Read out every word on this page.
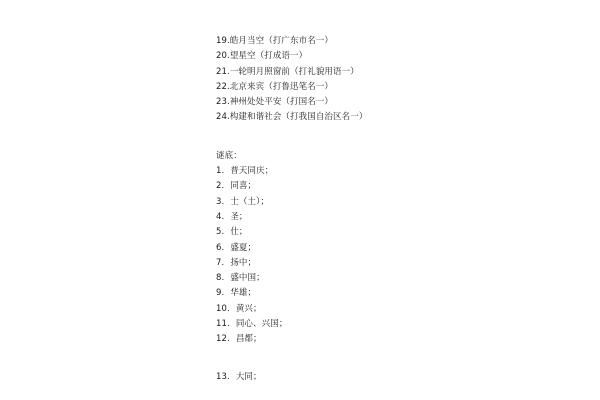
19.皓月当空（打广东市名一）
20.望星空（打成语一）
21.一轮明月照窗前（打礼貌用语一）
22.北京来宾（打鲁迅笔名一）
23.神州处处平安（打国名一）
24.构建和谐社会（打我国自治区名一）
谜底：
1. 普天同庆；
2. 同喜；
3. 士（土）；
4. 圣；
5. 仕；
6. 盛夏；
7. 扬中；
8. 盛中国；
9. 华雄；
10. 黄兴；
11. 同心、兴国；
12. 昌都；
13. 大同；
